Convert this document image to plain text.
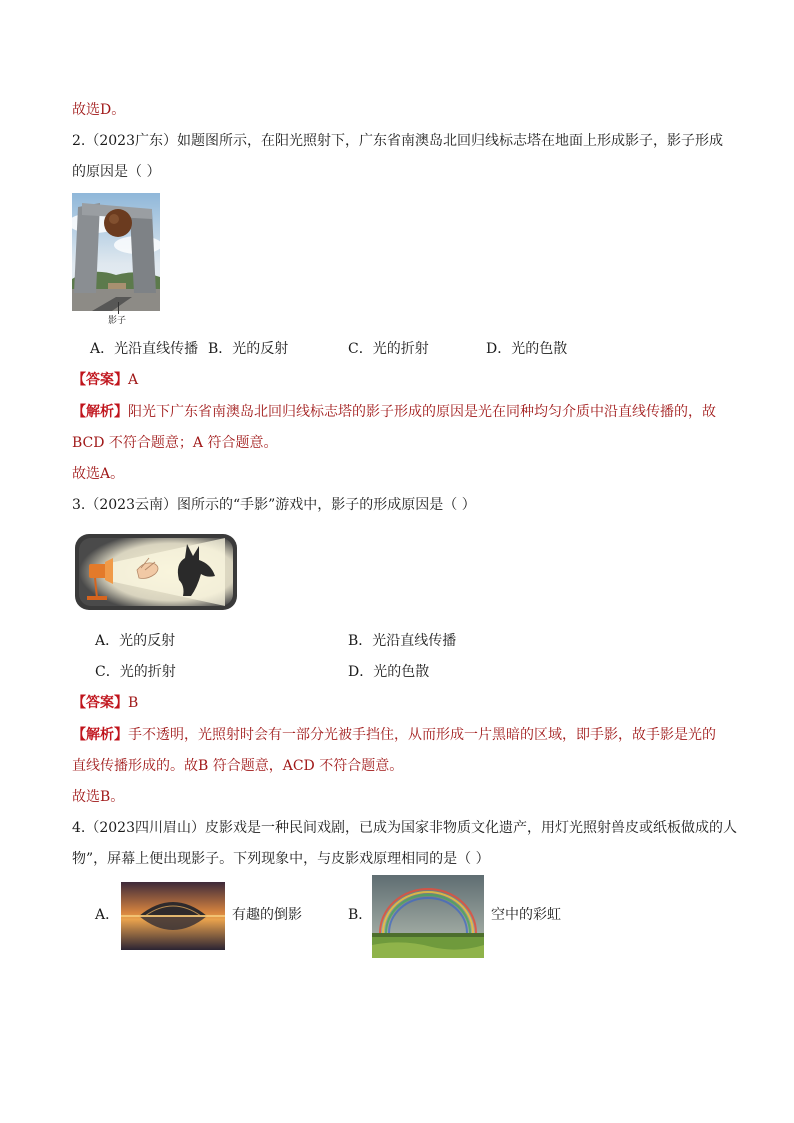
故选D。
2.（2023广东）如题图所示，在阳光照射下，广东省南澳岛北回归线标志塔在地面上形成影子，影子形成
的原因是（ ）
影子
A．光沿直线传播 B．光的反射	C．光的折射	D．光的色散
【答案】A
【解析】阳光下广东省南澳岛北回归线标志塔的影子形成的原因是光在同种均匀介质中沿直线传播的，故
BCD 不符合题意；A 符合题意。
故选A。
3.（2023云南）图所示的“手影”游戏中，影子的形成原因是（ ）
A．光的反射	B．光沿直线传播
C．光的折射	D．光的色散
【答案】B
【解析】手不透明，光照射时会有一部分光被手挡住，从而形成一片黑暗的区域，即手影，故手影是光的
直线传播形成的。故B 符合题意，ACD 不符合题意。
故选B。
4.（2023四川眉山）皮影戏是一种民间戏剧，已成为国家非物质文化遗产，用灯光照射兽皮或纸板做成的人
物”，屏幕上便出现影子。下列现象中，与皮影戏原理相同的是（ ）
A．	有趣的倒影	B．	空中的彩虹
